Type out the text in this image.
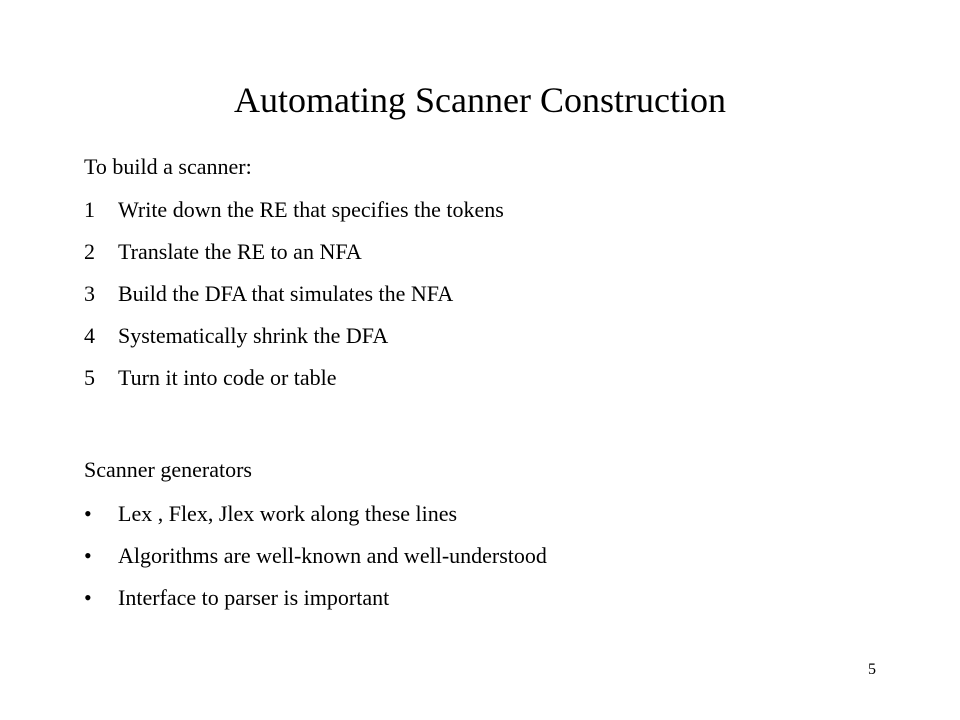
Automating Scanner Construction
To build a scanner:
1 Write down the RE that specifies the tokens
2 Translate the RE to an NFA
3 Build the DFA that simulates the NFA
4 Systematically shrink the DFA
5 Turn it into code or table
Scanner generators
• Lex , Flex, Jlex work along these lines
• Algorithms are well-known and well-understood
• Interface to parser is important
5
